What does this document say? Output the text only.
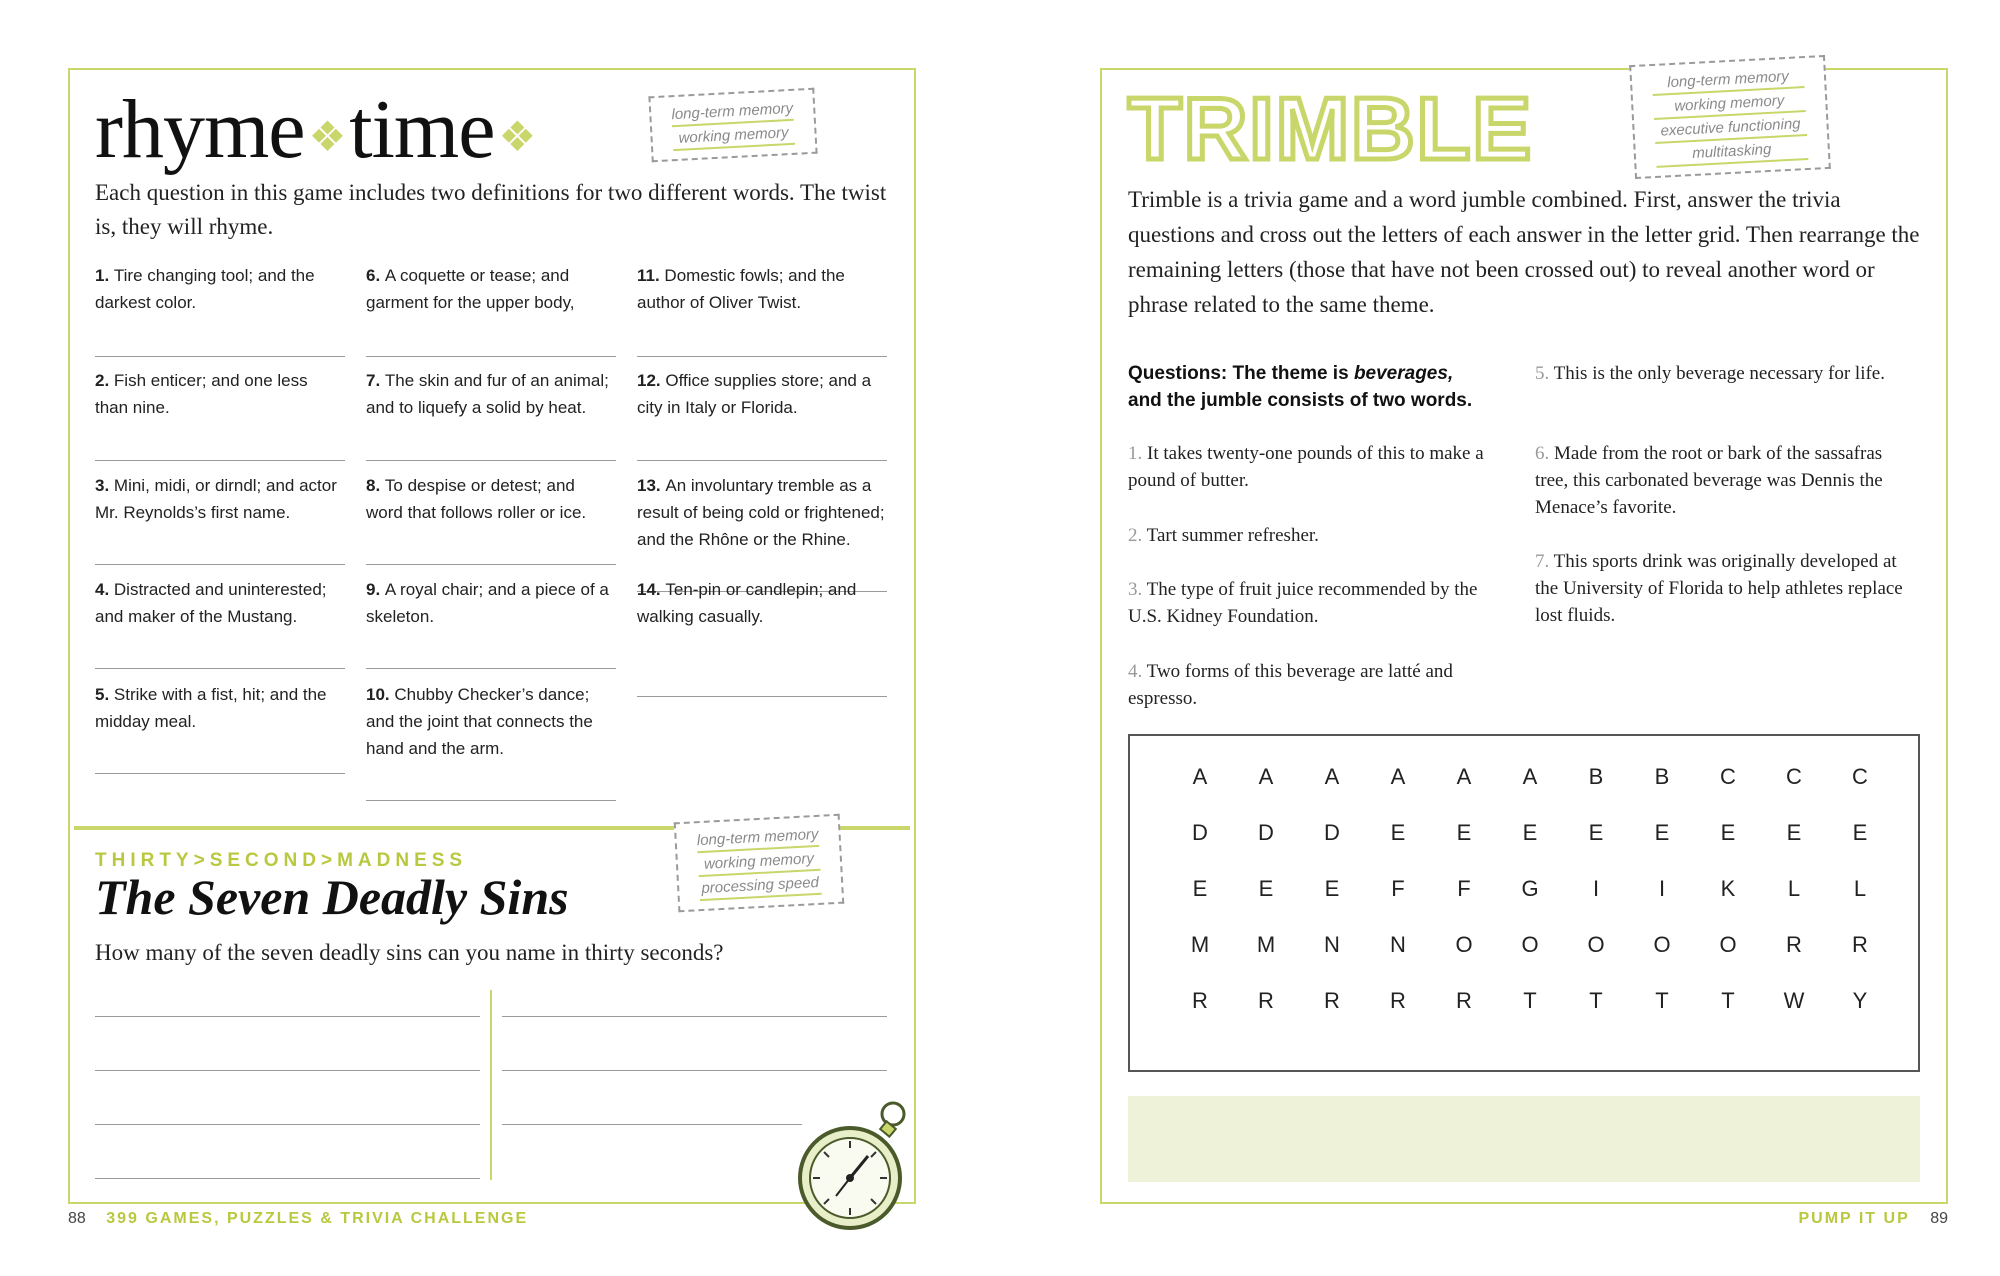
rhyme❖time❖
long-term memory
working memory
Each question in this game includes two definitions for two different words. The twist is, they will rhyme.
1. Tire changing tool; and the darkest color.
2. Fish enticer; and one less than nine.
3. Mini, midi, or dirndl; and actor Mr. Reynolds’s first name.
4. Distracted and uninterested; and maker of the Mustang.
5. Strike with a fist, hit; and the midday meal.
6. A coquette or tease; and garment for the upper body,
7. The skin and fur of an animal; and to liquefy a solid by heat.
8. To despise or detest; and word that follows roller or ice.
9. A royal chair; and a piece of a skeleton.
10. Chubby Checker’s dance; and the joint that connects the hand and the arm.
11. Domestic fowls; and the author of Oliver Twist.
12. Office supplies store; and a city in Italy or Florida.
13. An involuntary tremble as a result of being cold or frightened; and the Rhône or the Rhine.
14. Ten-pin or candlepin; and walking casually.
THIRTY>SECOND>MADNESS
The Seven Deadly Sins
long-term memory
working memory
processing speed
How many of the seven deadly sins can you name in thirty seconds?
88 399 GAMES, PUZZLES & TRIVIA CHALLENGE
TRIMBLE	long-term memory
working memory
executive functioning
multitasking
Trimble is a trivia game and a word jumble combined. First, answer the trivia questions and cross out the letters of each answer in the letter grid. Then rearrange the remaining letters (those that have not been crossed out) to reveal another word or phrase related to the same theme.
Questions: The theme is beverages,
and the jumble consists of two words.
1. It takes twenty-one pounds of this to make a pound of butter.
2. Tart summer refresher.
3. The type of fruit juice recommended by the U.S. Kidney Foundation.
4. Two forms of this beverage are latté and espresso.
5. This is the only beverage necessary for life.
6. Made from the root or bark of the sassafras tree, this carbonated beverage was Dennis the Menace’s favorite.
7. This sports drink was originally developed at the University of Florida to help athletes replace lost fluids.
A	A	A	A	A	A	B	B	C	C	C
D	D	D	E	E	E	E	E	E	E	E
E	E	E	F	F	G	I	I	K	L	L
M	M	N	N	O	O	O	O	O	R	R
R	R	R	R	R	T	T	T	T	W	Y
PUMP IT UP 89
